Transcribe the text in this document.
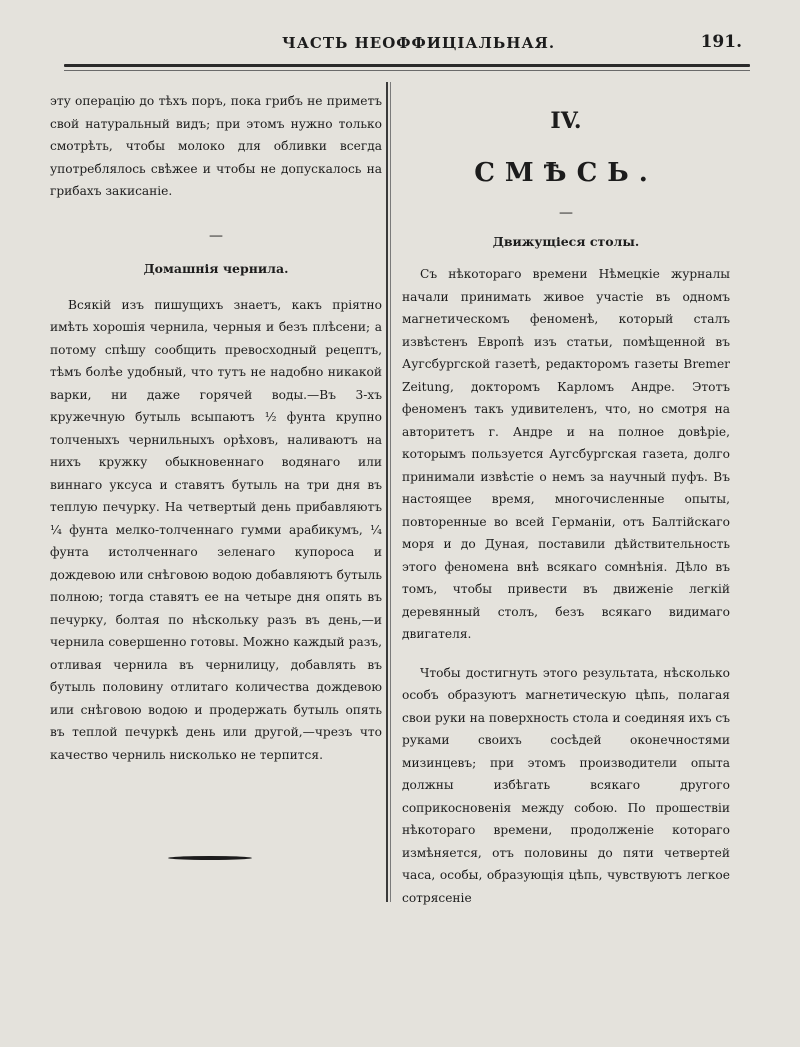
ЧАСТЬ НЕОФФИЦІАЛЬНАЯ.	191.

эту операцію до тѣхъ поръ, пока грибъ не приметъ свой натуральный видъ; при этомъ нужно только смотрѣть, чтобы молоко для обливки всегда употреблялось свѣжее и чтобы не допускалось на грибахъ закисаніе.

—

Домашнія чернила.

Всякій изъ пишущихъ знаетъ, какъ пріятно имѣть хорошія чернила, черныя и безъ плѣсени; а потому спѣшу сообщить превосходный рецептъ, тѣмъ болѣе удобный, что тутъ не надобно никакой варки, ни даже горячей воды.—Въ 3-хъ кружечную бутыль всыпаютъ ½ фунта крупно толченыхъ чернильныхъ орѣховъ, наливаютъ на нихъ кружку обыкновеннаго водянаго или виннаго уксуса и ставятъ бутыль на три дня въ теплую печурку. На четвертый день прибавляютъ ¼ фунта мелко-толченнаго гумми арабикумъ, ¼ фунта истолченнаго зеленаго купороса и дождевою или снѣговою водою добавляютъ бутыль полною; тогда ставятъ ее на четыре дня опять въ печурку, болтая по нѣскольку разъ въ день,—и чернила совершенно готовы. Можно каждый разъ, отливая чернила въ чернилицу, добавлять въ бутыль половину отлитаго количества дождевою или снѣговою водою и продержать бутыль опять въ теплой печуркѣ день или другой,—чрезъ что качество черниль нисколько не терпится.

IV.

СМѢСЬ.

—

Движущіеся столы.

Съ нѣкотораго времени Нѣмецкіе журналы начали принимать живое участіе въ одномъ магнетическомъ феноменѣ, который сталъ извѣстенъ Европѣ изъ статьи, помѣщенной въ Аугсбургской газетѣ, редакторомъ газеты Bremer Zeitung, докторомъ Карломъ Андре. Этотъ феноменъ такъ удивителенъ, что, но смотря на авторитетъ г. Андре и на полное довѣріе, которымъ пользуется Аугсбургская газета, долго принимали извѣстіе о немъ за научный пуфъ. Въ настоящее время, многочисленные опыты, повторенные во всей Германіи, отъ Балтійскаго моря и до Дуная, поставили дѣйствительность этого феномена внѣ всякаго сомнѣнія. Дѣло въ томъ, чтобы привести въ движеніе легкій деревянный столъ, безъ всякаго видимаго двигателя.

Чтобы достигнуть этого результата, нѣсколько особъ образуютъ магнетическую цѣпь, полагая свои руки на поверхность стола и соединяя ихъ съ руками своихъ сосѣдей оконечностями мизинцевъ; при этомъ производители опыта должны избѣгать всякаго другого соприкосновенія между собою. По прошествіи нѣкотораго времени, продолженіе котораго измѣняется, отъ половины до пяти четвертей часа, особы, образующія цѣпь, чувствуютъ легкое сотрясеніе
